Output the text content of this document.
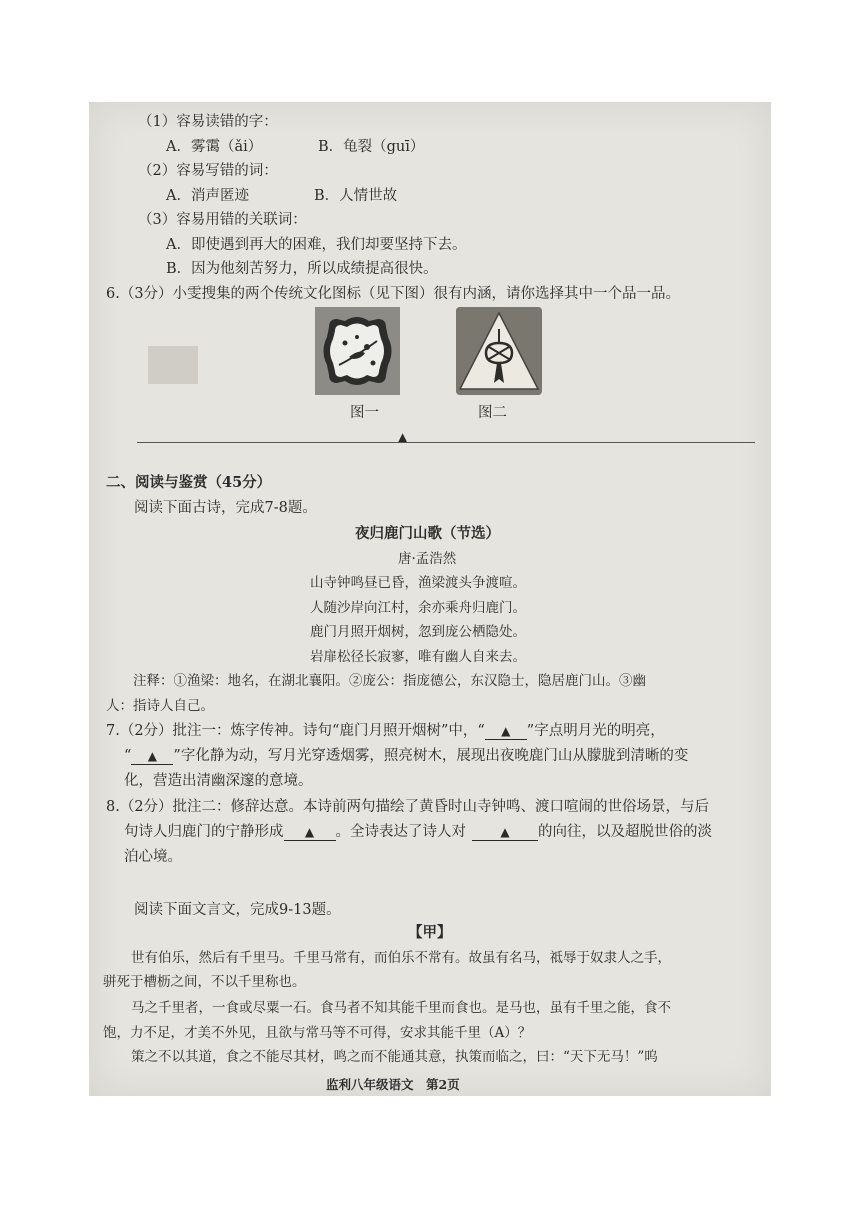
（1）容易读错的字：
A．雾霭（ǎi）	B．龟裂（guī）
（2）容易写错的词：
A．消声匿迹	B．人情世故
（3）容易用错的关联词：
A．即使遇到再大的困难，我们却要坚持下去。
B．因为他刻苦努力，所以成绩提高很快。
6.（3分）小雯搜集的两个传统文化图标（见下图）很有内涵，请你选择其中一个品一品。
图一	图二
▲
二、阅读与鉴赏（45分）
阅读下面古诗，完成7-8题。
夜归鹿门山歌（节选）
唐·孟浩然
山寺钟鸣昼已昏，渔梁渡头争渡喧。
人随沙岸向江村，余亦乘舟归鹿门。
鹿门月照开烟树，忽到庞公栖隐处。
岩扉松径长寂寥，唯有幽人自来去。
注释：①渔梁：地名，在湖北襄阳。②庞公：指庞德公，东汉隐士，隐居鹿门山。③幽
人：指诗人自己。
7.（2分）批注一：炼字传神。诗句“鹿门月照开烟树”中，“ ▲ ”字点明月光的明亮，
“ ▲ ”字化静为动，写月光穿透烟雾，照亮树木，展现出夜晚鹿门山从朦胧到清晰的变
化，营造出清幽深邃的意境。
8.（2分）批注二：修辞达意。本诗前两句描绘了黄昏时山寺钟鸣、渡口喧闹的世俗场景，与后
句诗人归鹿门的宁静形成 ▲ 。全诗表达了诗人对	▲ 的向往，以及超脱世俗的淡
泊心境。
阅读下面文言文，完成9-13题。
【甲】
世有伯乐，然后有千里马。千里马常有，而伯乐不常有。故虽有名马，祗辱于奴隶人之手，
骈死于槽枥之间，不以千里称也。
马之千里者，一食或尽粟一石。食马者不知其能千里而食也。是马也，虽有千里之能，食不
饱，力不足，才美不外见，且欲与常马等不可得，安求其能千里（A）？
策之不以其道，食之不能尽其材，鸣之而不能通其意，执策而临之，曰：“天下无马！”呜
监利八年级语文　第2页
